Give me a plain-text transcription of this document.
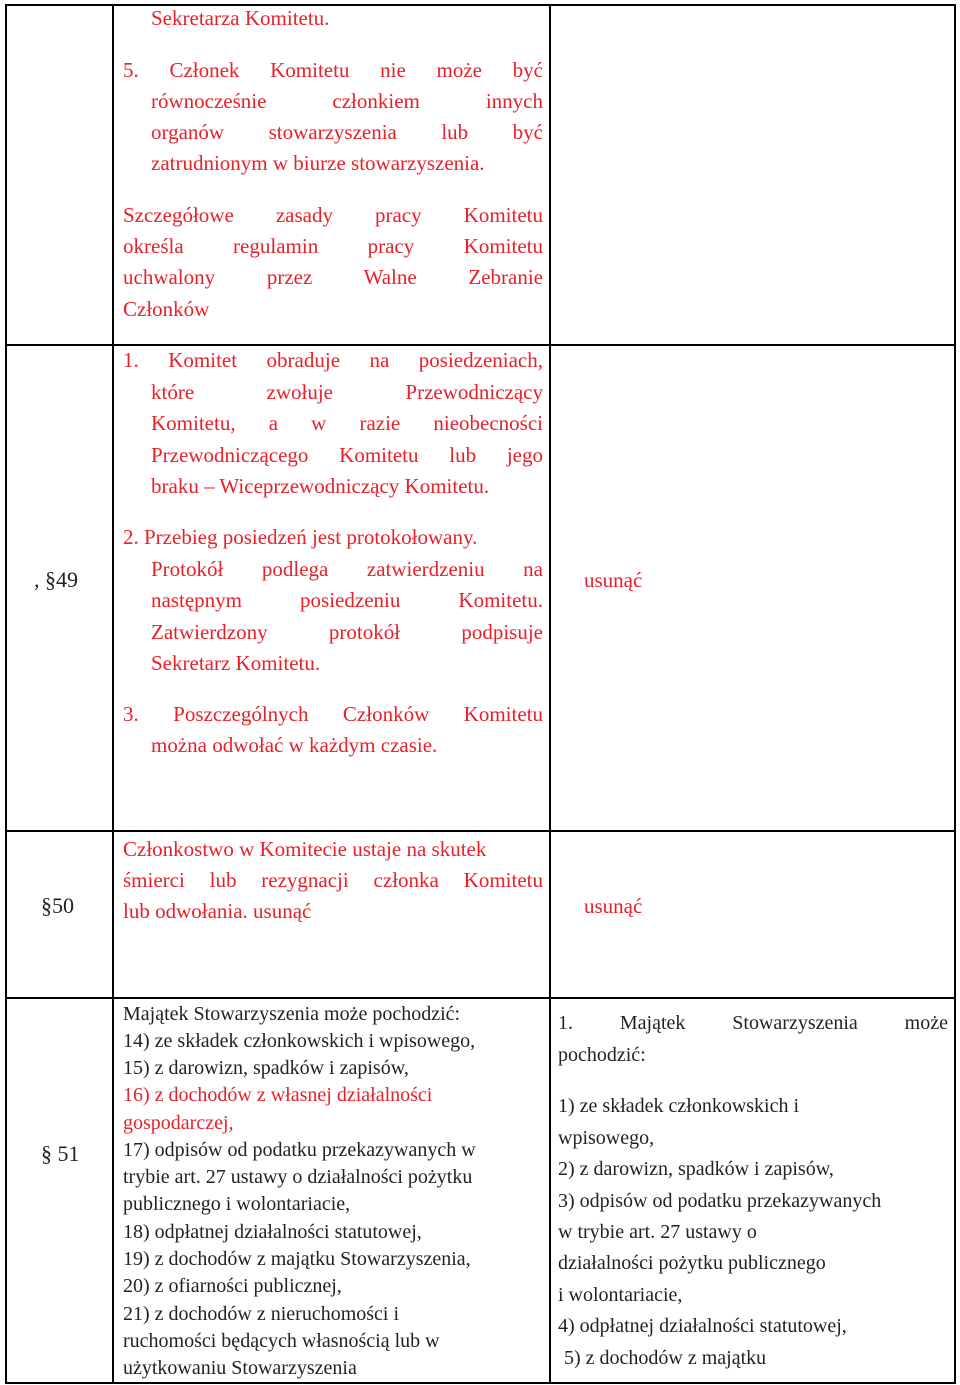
Sekretarza Komitetu.
5. Członek Komitetu nie może być
równocześnie członkiem innych
organów stowarzyszenia lub być
zatrudnionym w biurze stowarzyszenia.
Szczegółowe zasady pracy Komitetu
określa regulamin pracy Komitetu
uchwalony przez Walne Zebranie
Członków
, §49
1. Komitet obraduje na posiedzeniach,
które zwołuje Przewodniczący
Komitetu, a w razie nieobecności
Przewodniczącego Komitetu lub jego
braku – Wiceprzewodniczący Komitetu.
2. Przebieg posiedzeń jest protokołowany.
Protokół podlega zatwierdzeniu na
następnym posiedzeniu Komitetu.
Zatwierdzony protokół podpisuje
Sekretarz Komitetu.
3. Poszczególnych Członków Komitetu
można odwołać w każdym czasie.
usunąć
§50
Członkostwo w Komitecie ustaje na skutek
śmierci lub rezygnacji członka Komitetu
lub odwołania. usunąć	usunąć
§ 51
Majątek Stowarzyszenia może pochodzić:
14) ze składek członkowskich i wpisowego,
15) z darowizn, spadków i zapisów,
16) z dochodów z własnej działalności
gospodarczej,
17) odpisów od podatku przekazywanych w
trybie art. 27 ustawy o działalności pożytku
publicznego i wolontariacie,
18) odpłatnej działalności statutowej,
19) z dochodów z majątku Stowarzyszenia,
20) z ofiarności publicznej,
21) z dochodów z nieruchomości i
ruchomości będących własnością lub w
użytkowaniu Stowarzyszenia
1. Majątek Stowarzyszenia może
pochodzić:
1) ze składek członkowskich i
wpisowego,
2) z darowizn, spadków i zapisów,
3) odpisów od podatku przekazywanych
w trybie art. 27 ustawy o
działalności pożytku publicznego
i wolontariacie,
4) odpłatnej działalności statutowej,
5) z dochodów z majątku
